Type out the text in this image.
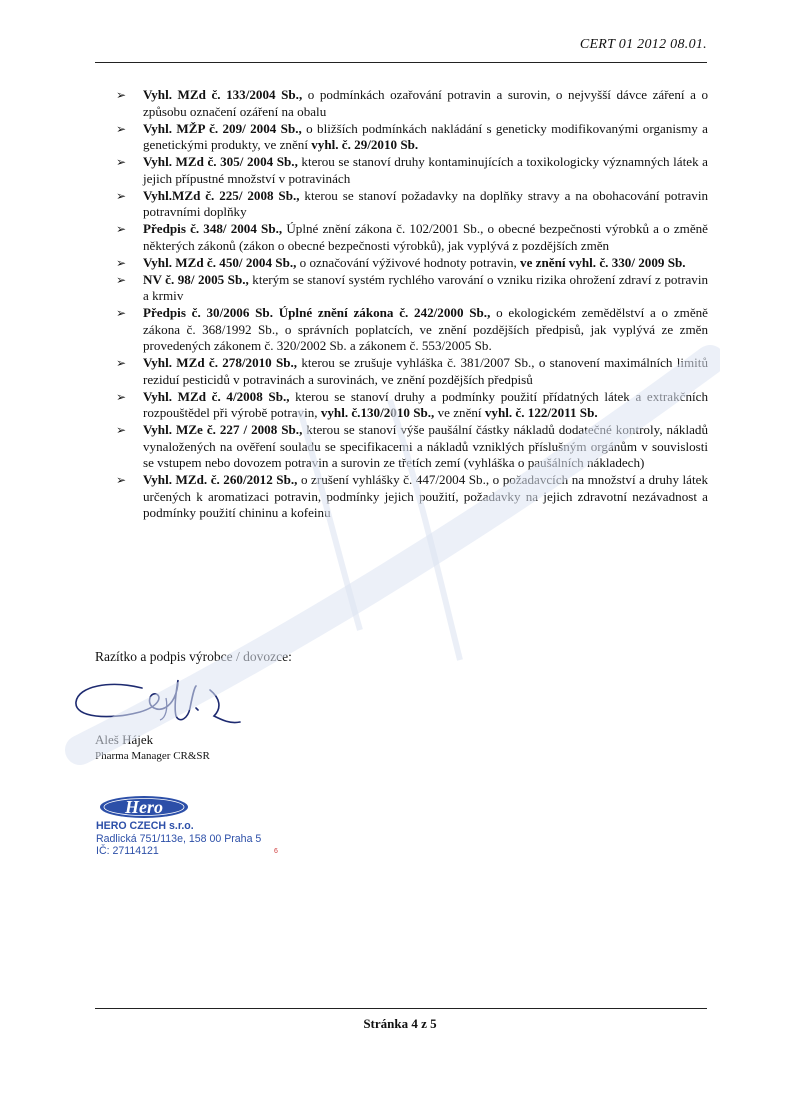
CERT 01 2012 08.01.
➢ Vyhl. MZd č. 133/2004 Sb., o podmínkách ozařování potravin a surovin, o nejvyšší dávce záření a o způsobu označení ozáření na obalu
➢ Vyhl. MŽP č. 209/ 2004 Sb., o bližších podmínkách nakládání s geneticky modifikovanými organismy a genetickými produkty, ve znění vyhl. č. 29/2010 Sb.
➢ Vyhl. MZd č. 305/ 2004 Sb., kterou se stanoví druhy kontaminujících a toxikologicky významných látek a jejich přípustné množství v potravinách
➢ Vyhl.MZd č. 225/ 2008 Sb., kterou se stanoví požadavky na doplňky stravy a na obohacování potravin potravními doplňky
➢ Předpis č. 348/ 2004 Sb., Úplné znění zákona č. 102/2001 Sb., o obecné bezpečnosti výrobků a o změně některých zákonů (zákon o obecné bezpečnosti výrobků), jak vyplývá z pozdějších změn
➢ Vyhl. MZd č. 450/ 2004 Sb., o označování výživové hodnoty potravin, ve znění vyhl. č. 330/ 2009 Sb.
➢ NV č. 98/ 2005 Sb., kterým se stanoví systém rychlého varování o vzniku rizika ohrožení zdraví z potravin a krmiv
➢ Předpis č. 30/2006 Sb. Úplné znění zákona č. 242/2000 Sb., o ekologickém zemědělství a o změně zákona č. 368/1992 Sb., o správních poplatcích, ve znění pozdějších předpisů, jak vyplývá ze změn provedených zákonem č. 320/2002 Sb. a zákonem č. 553/2005 Sb.
➢ Vyhl. MZd č. 278/2010 Sb., kterou se zrušuje vyhláška č. 381/2007 Sb., o stanovení maximálních limitů reziduí pesticidů v potravinách a surovinách, ve znění pozdějších předpisů
➢ Vyhl. MZd č. 4/2008 Sb., kterou se stanoví druhy a podmínky použití přídatných látek a extrakčních rozpouštědel při výrobě potravin, vyhl. č.130/2010 Sb., ve znění vyhl. č. 122/2011 Sb.
➢ Vyhl. MZe č. 227 / 2008 Sb., kterou se stanoví výše paušální částky nákladů dodatečné kontroly, nákladů vynaložených na ověření souladu se specifikacemi a nákladů vzniklých příslušným orgánům v souvislosti se vstupem nebo dovozem potravin a surovin ze třetích zemí (vyhláška o paušálních nákladech)
➢ Vyhl. MZd. č. 260/2012 Sb., o zrušení vyhlášky č. 447/2004 Sb., o požadavcích na množství a druhy látek určených k aromatizaci potravin, podmínky jejich použití, požadavky na jejich zdravotní nezávadnost a podmínky použití chininu a kofeinu
Razítko a podpis výrobce / dovozce:
Aleš Hájek
Pharma Manager CR&SR
Hero
HERO CZECH s.r.o.
Radlická 751/113e, 158 00 Praha 5
IČ: 27114121	6
Stránka 4 z 5
